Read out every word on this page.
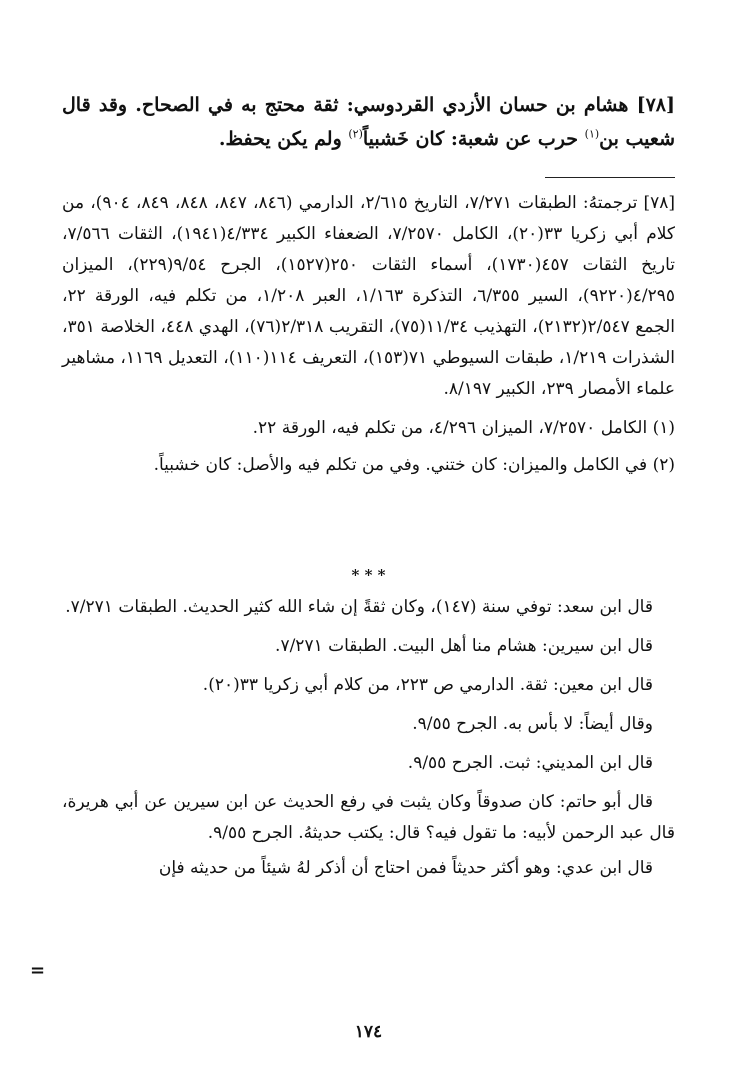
[٧٨] هشام بن حسان الأزدي القردوسي: ثقة محتج به في الصحاح. وقد قال شعيب بن$^{(١)}$ حرب عن شعبة: كان خَشبياً$^{(٢)}$ ولم يكن يحفظ.

[٧٨] ترجمتهُ: الطبقات ٧/٢٧١، التاريخ ٢/٦١٥، الدارمي (٨٤٦، ٨٤٧، ٨٤٨، ٨٤٩، ٩٠٤)، من كلام أبي زكريا ٣٣(٢٠)، الكامل ٧/٢٥٧٠، الضعفاء الكبير ٤/٣٣٤(١٩٤١)، الثقات ٧/٥٦٦، تاريخ الثقات ٤٥٧(١٧٣٠)، أسماء الثقات ٢٥٠(١٥٢٧)، الجرح ٩/٥٤(٢٢٩)، الميزان ٤/٢٩٥(٩٢٢٠)، السير ٦/٣٥٥، التذكرة ١/١٦٣، العبر ١/٢٠٨، من تكلم فيه، الورقة ٢٢، الجمع ٢/٥٤٧(٢١٣٢)، التهذيب ١١/٣٤(٧٥)، التقريب ٢/٣١٨(٧٦)، الهدي ٤٤٨، الخلاصة ٣٥١، الشذرات ١/٢١٩، طبقات السيوطي ٧١(١٥٣)، التعريف ١١٤(١١٠)، التعديل ١١٦٩، مشاهير علماء الأمصار ٢٣٩، الكبير ٨/١٩٧.

(١) الكامل ٧/٢٥٧٠، الميزان ٤/٢٩٦، من تكلم فيه، الورقة ٢٢.

(٢) في الكامل والميزان: كان ختني. وفي من تكلم فيه والأصل: كان خشبياً.

* * *

قال ابن سعد: توفي سنة (١٤٧)، وكان ثقةً إن شاء الله كثير الحديث. الطبقات ٧/٢٧١.

قال ابن سيرين: هشام منا أهل البيت. الطبقات ٧/٢٧١.

قال ابن معين: ثقة. الدارمي ص ٢٢٣، من كلام أبي زكريا ٣٣(٢٠).

وقال أيضاً: لا بأس به. الجرح ٩/٥٥.

قال ابن المديني: ثبت. الجرح ٩/٥٥.

قال أبو حاتم: كان صدوقاً وكان يثبت في رفع الحديث عن ابن سيرين عن أبي هريرة، قال عبد الرحمن لأبيه: ما تقول فيه؟ قال: يكتب حديثهُ. الجرح ٩/٥٥.

قال ابن عدي: وهو أكثر حديثاً فمن احتاج أن أذكر لهُ شيئاً من حديثه فإن

=
١٧٤
